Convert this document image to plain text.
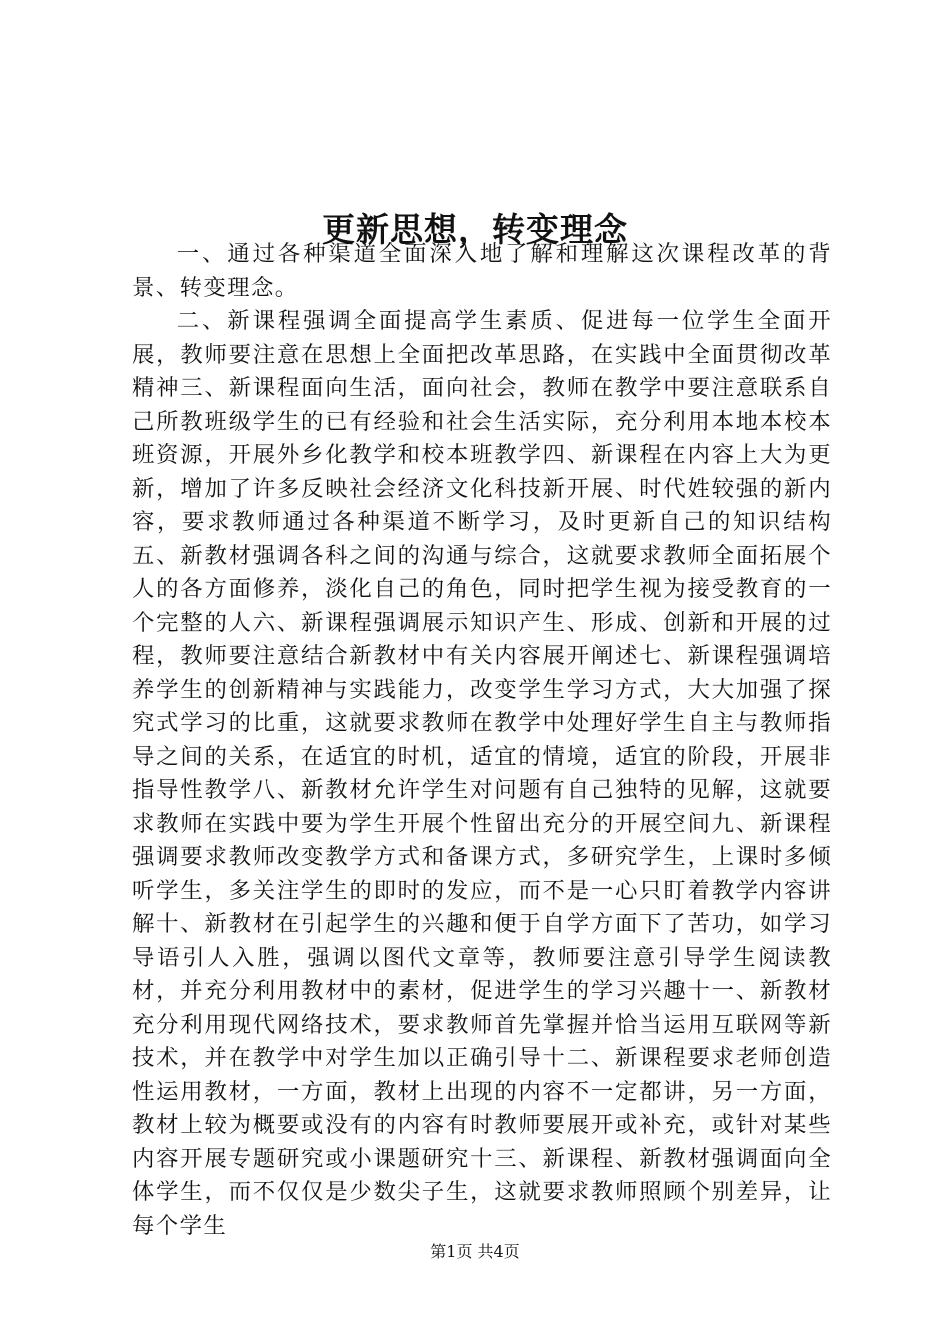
更新思想，转变理念

一、通过各种渠道全面深入地了解和理解这次课程改革的背景、转变理念。

二、新课程强调全面提高学生素质、促进每一位学生全面开展，教师要注意在思想上全面把改革思路，在实践中全面贯彻改革精神三、新课程面向生活，面向社会，教师在教学中要注意联系自己所教班级学生的已有经验和社会生活实际，充分利用本地本校本班资源，开展外乡化教学和校本班教学四、新课程在内容上大为更新，增加了许多反映社会经济文化科技新开展、时代姓较强的新内容，要求教师通过各种渠道不断学习，及时更新自己的知识结构五、新教材强调各科之间的沟通与综合，这就要求教师全面拓展个人的各方面修养，淡化自己的角色，同时把学生视为接受教育的一个完整的人六、新课程强调展示知识产生、形成、创新和开展的过程，教师要注意结合新教材中有关内容展开阐述七、新课程强调培养学生的创新精神与实践能力，改变学生学习方式，大大加强了探究式学习的比重，这就要求教师在教学中处理好学生自主与教师指导之间的关系，在适宜的时机，适宜的情境，适宜的阶段，开展非指导性教学八、新教材允许学生对问题有自己独特的见解，这就要求教师在实践中要为学生开展个性留出充分的开展空间九、新课程强调要求教师改变教学方式和备课方式，多研究学生，上课时多倾听学生，多关注学生的即时的发应，而不是一心只盯着教学内容讲解十、新教材在引起学生的兴趣和便于自学方面下了苦功，如学习导语引人入胜，强调以图代文章等，教师要注意引导学生阅读教材，并充分利用教材中的素材，促进学生的学习兴趣十一、新教材充分利用现代网络技术，要求教师首先掌握并恰当运用互联网等新技术，并在教学中对学生加以正确引导十二、新课程要求老师创造性运用教材，一方面，教材上出现的内容不一定都讲，另一方面，教材上较为概要或没有的内容有时教师要展开或补充，或针对某些内容开展专题研究或小课题研究十三、新课程、新教材强调面向全体学生，而不仅仅是少数尖子生，这就要求教师照顾个别差异，让每个学生

第1页 共4页
